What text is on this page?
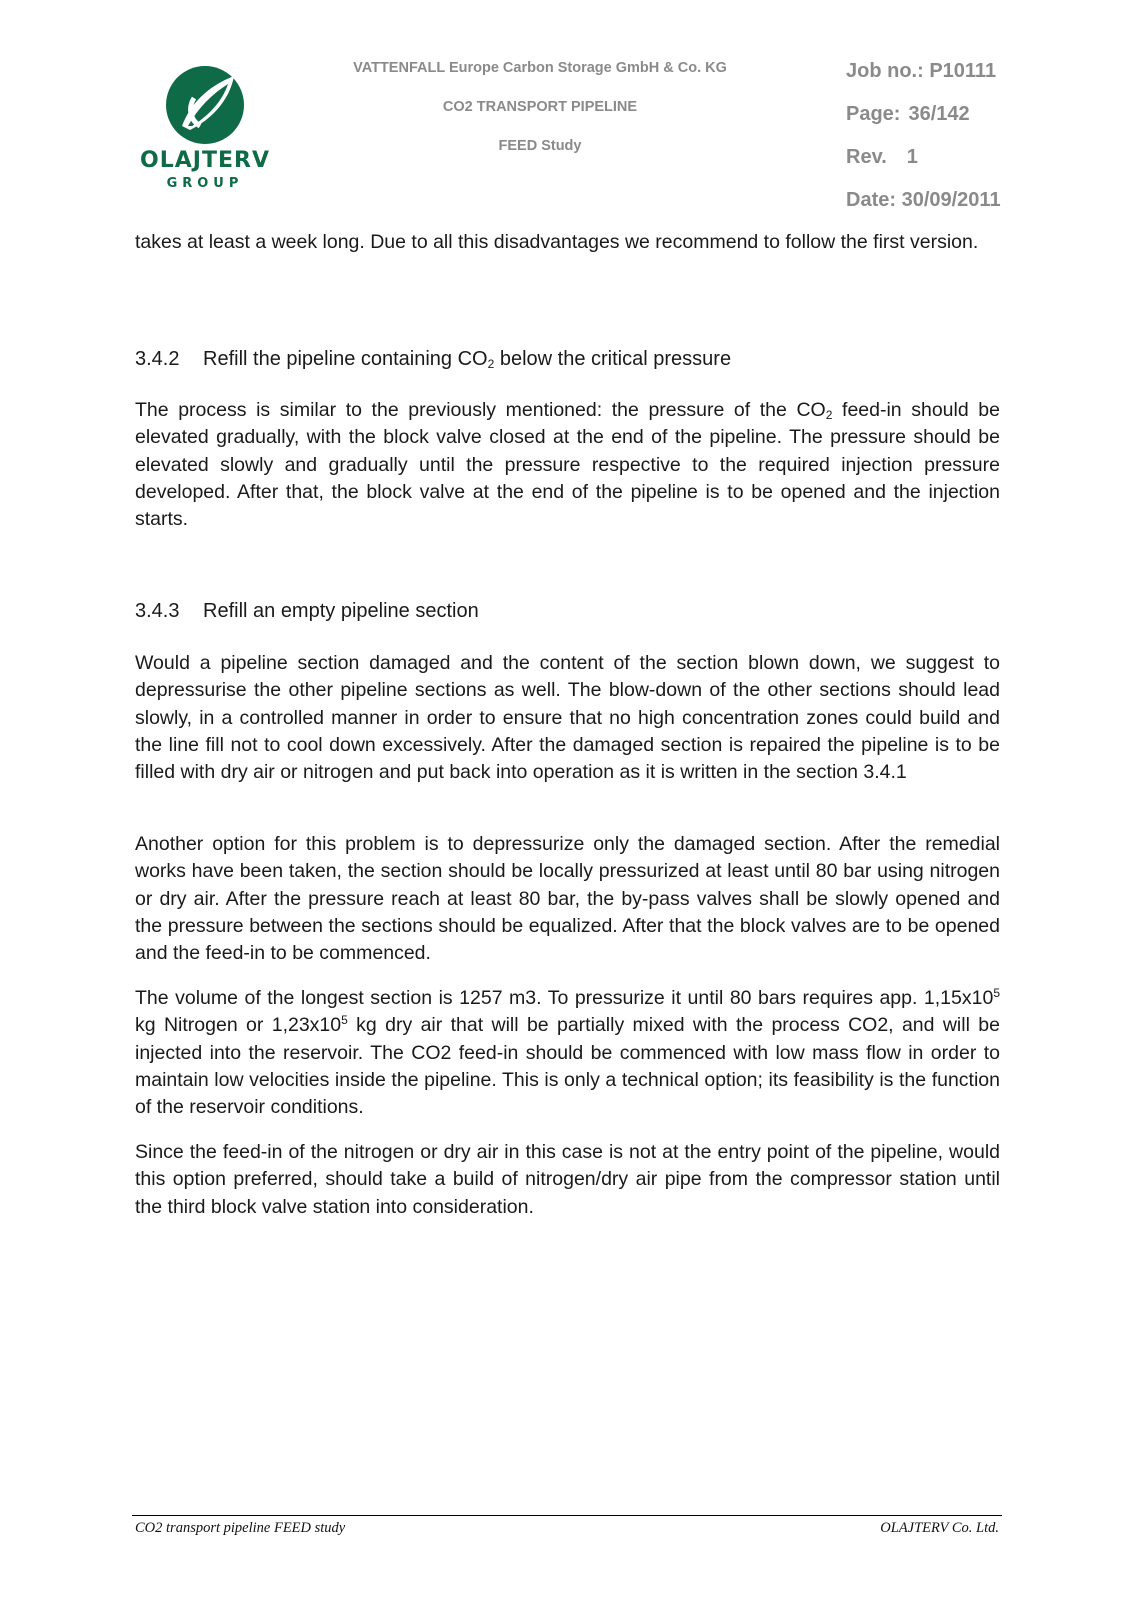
OLAJTERV
GROUP
VATTENFALL Europe Carbon Storage GmbH & Co. KG
CO2 TRANSPORT PIPELINE
FEED Study
Job no.: P10111
Page: 36/142
Rev. 1
Date: 30/09/2011

takes at least a week long. Due to all this disadvantages we recommend to follow the first version.

3.4.2 Refill the pipeline containing $CO_2$ below the critical pressure

The process is similar to the previously mentioned: the pressure of the $CO_2$ feed-in should be elevated gradually, with the block valve closed at the end of the pipeline. The pressure should be elevated slowly and gradually until the pressure respective to the required injection pressure developed. After that, the block valve at the end of the pipeline is to be opened and the injection starts.

3.4.3 Refill an empty pipeline section

Would a pipeline section damaged and the content of the section blown down, we suggest to depressurise the other pipeline sections as well. The blow-down of the other sections should lead slowly, in a controlled manner in order to ensure that no high concentration zones could build and the line fill not to cool down excessively. After the damaged section is repaired the pipeline is to be filled with dry air or nitrogen and put back into operation as it is written in the section 3.4.1

Another option for this problem is to depressurize only the damaged section. After the remedial works have been taken, the section should be locally pressurized at least until 80 bar using nitrogen or dry air. After the pressure reach at least 80 bar, the by-pass valves shall be slowly opened and the pressure between the sections should be equalized. After that the block valves are to be opened and the feed-in to be commenced.

The volume of the longest section is 1257 m3. To pressurize it until 80 bars requires app. $1,15x10^5$ kg Nitrogen or $1,23x10^5$ kg dry air that will be partially mixed with the process CO2, and will be injected into the reservoir. The CO2 feed-in should be commenced with low mass flow in order to maintain low velocities inside the pipeline. This is only a technical option; its feasibility is the function of the reservoir conditions.

Since the feed-in of the nitrogen or dry air in this case is not at the entry point of the pipeline, would this option preferred, should take a build of nitrogen/dry air pipe from the compressor station until the third block valve station into consideration.

CO2 transport pipeline FEED study	OLAJTERV Co. Ltd.
